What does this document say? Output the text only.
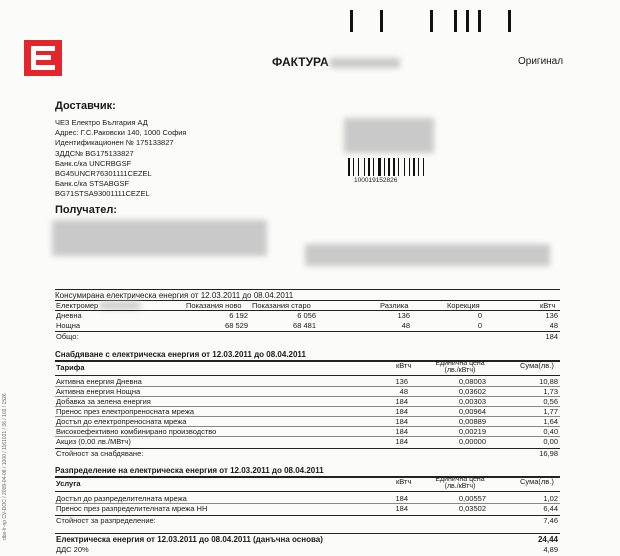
ФАКТУРА	Оригинал
Доставчик:
ЧЕЗ Електро България АД
Адрес: Г.С.Раковски 140, 1000 София
Идентификационен № 175133827
ЗДДС№ BG175133827
Банк.с/ка UNCRBGSF
BG45UNCR76301111CEZEL
Банк.с/ка STSABGSF
BG71STSA93001111CEZEL
100019152826
Получател:
Консумирана електрическа енергия от 12.03.2011 до 08.04.2011
Електромер	Показания ново Показания старо	Разлика	Корекция	кВтч
Дневна	6 192	6 056	136	0	136
Нощна	68 529	68 481	48	0	48
Общо:	184
Снабдяване с електрическа енергия от 12.03.2011 до 08.04.2011
Тарифа	кВтч	Единична цена (лв./кВтч)
Сума(лв.)
Активна енергия Дневна	136	0,08003	10,88
Активна енергия Нощна	48	0,03602	1,73
Добавка за зелена енергия	184	0,00303	0,56
Пренос през електропреносната мрежа	184	0,00964	1,77
Достъп до електропреносната мрежа	184	0,00889	1,64
Високоефективно комбинирано производство	184	0,00219	0,40
Акциз (0.00 лв./МВтч)	184	0,00000	0,00
Стойност за снабдяване:	16,98
Разпределение на електрическа енергия от 12.03.2011 до 08.04.2011
Услуга	кВтч	Единична цена (лв./кВтч)
Сума(лв.)
Достъп до разпределителната мрежа	184	0,00557	1,02
Пренос през разпределителната мрежа НН	184	0,03502	6,44
Стойност за разпределение:	7,46
Електрическа енергия от 12.03.2011 до 08.04.2011 (данъчна основа)	24,44
ДДС 20%	4,89
dbs-fr-np CV-DOC / 2009-04-08 / 1000 / 1161021 / 36 / 102 / 1526
